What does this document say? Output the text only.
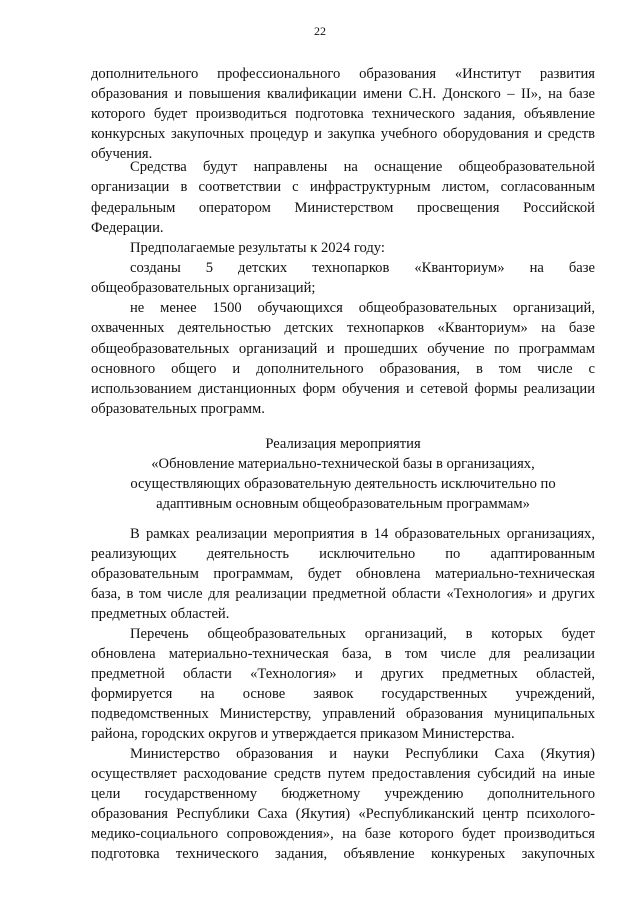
22
дополнительного профессионального образования «Институт развития
образования и повышения квалификации имени С.Н. Донского – II», на базе
которого будет производиться подготовка технического задания, объявление
конкурсных закупочных процедур и закупка учебного оборудования и средств
обучения.
Средства будут направлены на оснащение общеобразовательной
организации в соответствии с инфраструктурным листом, согласованным
федеральным оператором Министерством просвещения Российской
Федерации.
Предполагаемые результаты к 2024 году:
созданы 5 детских технопарков «Кванториум» на базе
общеобразовательных организаций;
не менее 1500 обучающихся общеобразовательных организаций,
охваченных деятельностью детских технопарков «Кванториум» на базе
общеобразовательных организаций и прошедших обучение по программам
основного общего и дополнительного образования, в том числе с
использованием дистанционных форм обучения и сетевой формы реализации
образовательных программ.
Реализация мероприятия
«Обновление материально-технической базы в организациях,
осуществляющих образовательную деятельность исключительно по
адаптивным основным общеобразовательным программам»
В рамках реализации мероприятия в 14 образовательных организациях,
реализующих деятельность исключительно по адаптированным
образовательным программам, будет обновлена материально-техническая
база, в том числе для реализации предметной области «Технология» и других
предметных областей.
Перечень общеобразовательных организаций, в которых будет
обновлена материально-техническая база, в том числе для реализации
предметной области «Технология» и других предметных областей,
формируется на основе заявок государственных учреждений,
подведомственных Министерству, управлений образования муниципальных
района, городских округов и утверждается приказом Министерства.
Министерство образования и науки Республики Саха (Якутия)
осуществляет расходование средств путем предоставления субсидий на иные
цели государственному бюджетному учреждению дополнительного
образования Республики Саха (Якутия) «Республиканский центр психолого-
медико-социального сопровождения», на базе которого будет производиться
подготовка технического задания, объявление конкуреных закупочных
